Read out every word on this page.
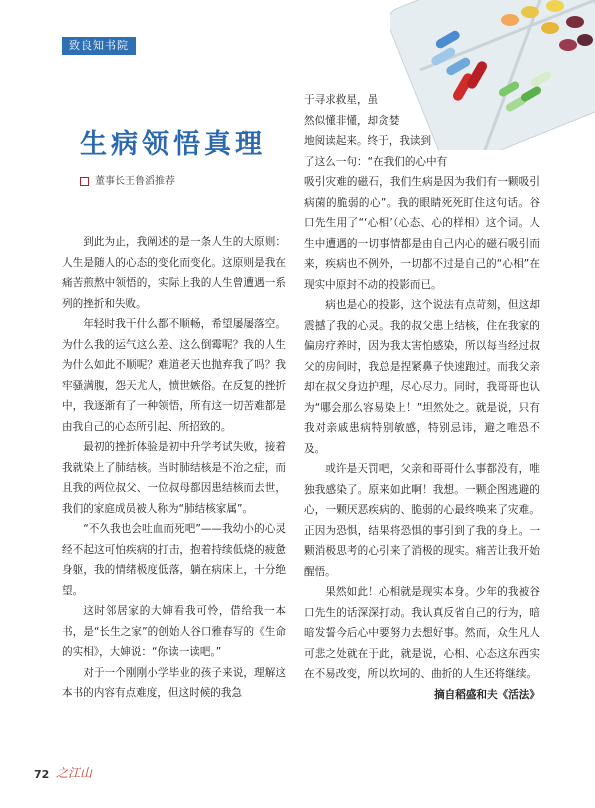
致良知书院
生病领悟真理
董事长王鲁滔推荐

到此为止，我阐述的是一条人生的大原则：人生是随人的心态的变化而变化。这原则是我在痛苦煎熬中领悟的，实际上我的人生曾遭遇一系列的挫折和失败。

年轻时我干什么都不顺畅，希望屡屡落空。为什么我的运气这么差、这么倒霉呢？我的人生为什么如此不顺呢？难道老天也抛弃我了吗？我牢骚满腹，怨天尤人，愤世嫉俗。在反复的挫折中，我逐渐有了一种领悟，所有这一切苦难都是由我自己的心态所引起、所招致的。

最初的挫折体验是初中升学考试失败，接着我就染上了肺结核。当时肺结核是不治之症，而且我的两位叔父、一位叔母都因患结核而去世，我们的家庭成员被人称为“肺结核家属”。

“不久我也会吐血而死吧”——我幼小的心灵经不起这可怕疾病的打击，抱着持续低烧的疲惫身躯，我的情绪极度低落，躺在病床上，十分绝望。

这时邻居家的大婶看我可怜，借给我一本书，是“长生之家”的创始人谷口雅春写的《生命的实相》，大婶说：“你读一读吧。”

对于一个刚刚小学毕业的孩子来说，理解这本书的内容有点难度，但这时候的我急

于寻求救星，虽
然似懂非懂，却贪婪
地阅读起来。终于，我读到
了这么一句：“在我们的心中有
吸引灾难的磁石，我们生病是因为我们有一颗吸引病菌的脆弱的心”。我的眼睛死死盯住这句话。谷口先生用了“‘心相’（心态、心的样相）这个词。人生中遭遇的一切事情都是由自己内心的磁石吸引而来，疾病也不例外，一切都不过是自己的“心相”在现实中原封不动的投影而已。

病也是心的投影，这个说法有点苛刻，但这却震撼了我的心灵。我的叔父患上结核，住在我家的偏房疗养时，因为我太害怕感染，所以每当经过叔父的房间时，我总是捏紧鼻子快速跑过。而我父亲却在叔父身边护理，尽心尽力。同时，我哥哥也认为“哪会那么容易染上！”坦然处之。就是说，只有我对亲戚患病特别敏感，特别忌讳，避之唯恐不及。

或许是天罚吧，父亲和哥哥什么事都没有，唯独我感染了。原来如此啊！我想。一颗企图逃避的心，一颗厌恶疾病的、脆弱的心最终唤来了灾难。正因为恐惧，结果将恐惧的事引到了我的身上。一颗消极思考的心引来了消极的现实。痛苦让我开始醒悟。

果然如此！心相就是现实本身。少年的我被谷口先生的话深深打动。我认真反省自己的行为，暗暗发誓今后心中要努力去想好事。然而，众生凡人可悲之处就在于此，就是说，心相、心态这东西实在不易改变，所以坎坷的、曲折的人生还将继续。

摘自稻盛和夫《活法》
72 之江山
